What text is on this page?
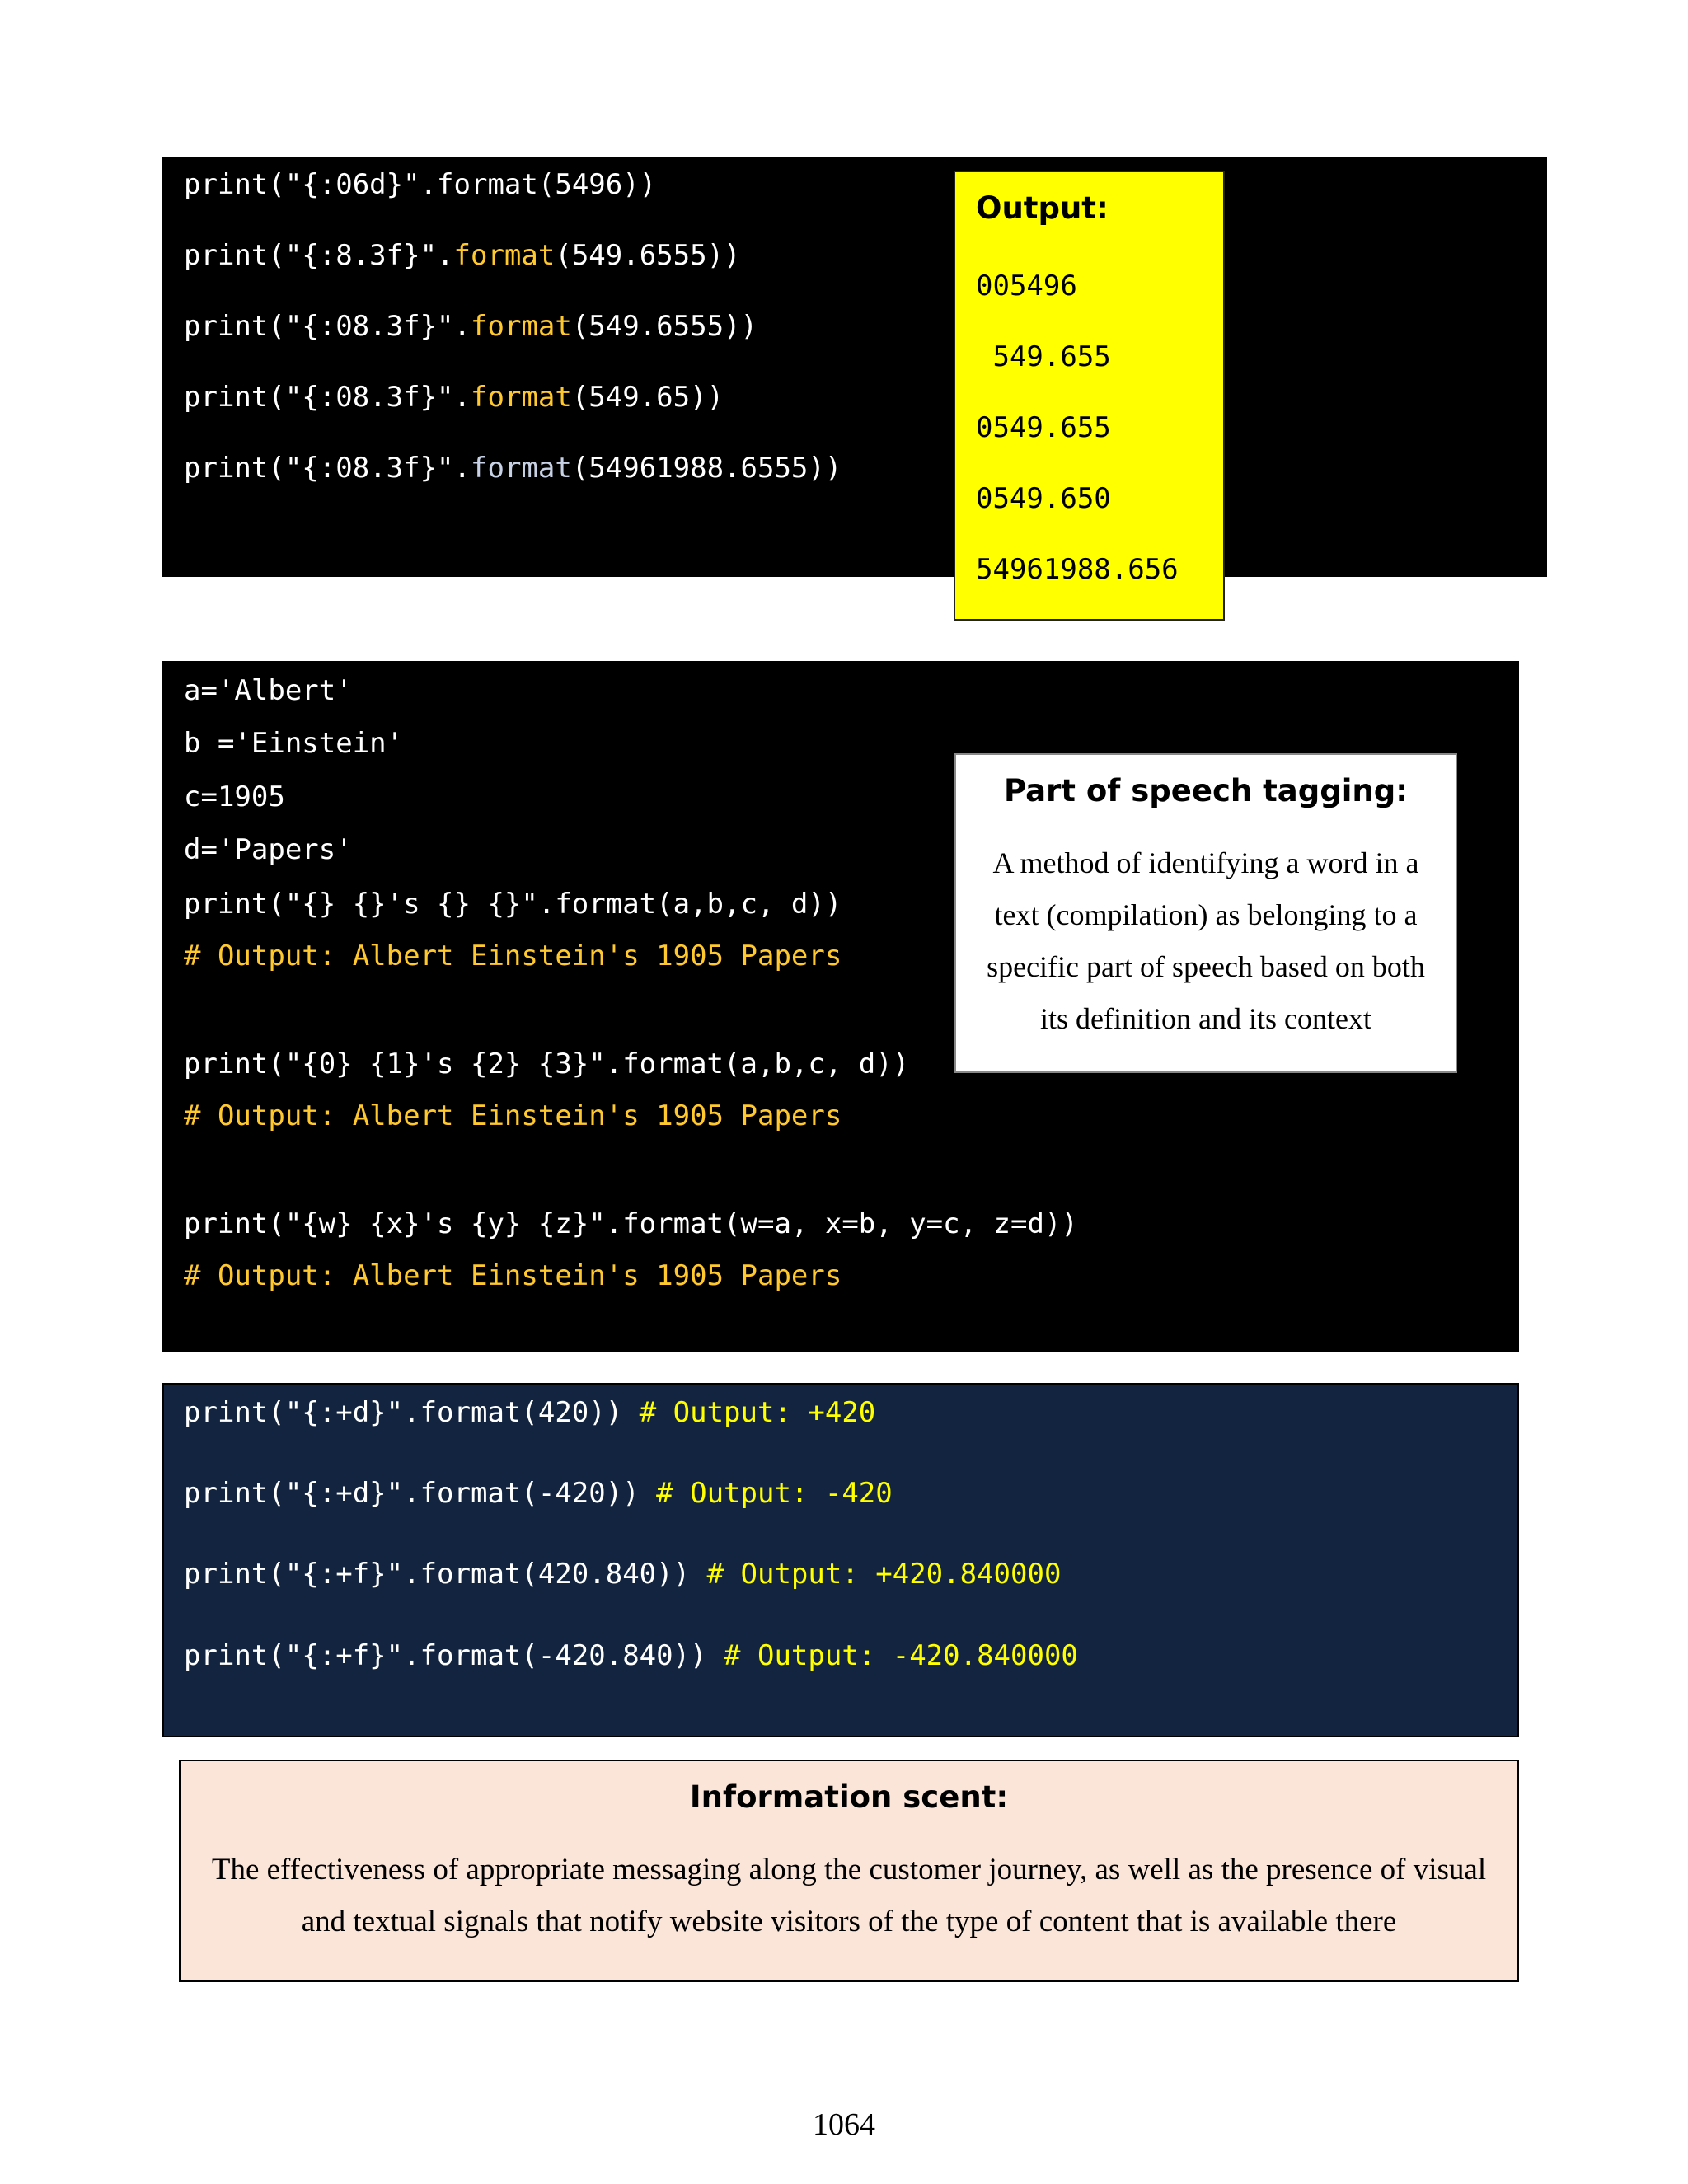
print("{:06d}".format(5496))
print("{:8.3f}".format(549.6555))
print("{:08.3f}".format(549.6555))
print("{:08.3f}".format(549.65))
print("{:08.3f}".format(54961988.6555))
Output:
005496
549.655
0549.655
0549.650
54961988.656
a='Albert'
b ='Einstein'
c=1905
d='Papers'
print("{} {}'s {} {}".format(a,b,c, d))
# Output: Albert Einstein's 1905 Papers
print("{0} {1}'s {2} {3}".format(a,b,c, d))
# Output: Albert Einstein's 1905 Papers
print("{w} {x}'s {y} {z}".format(w=a, x=b, y=c, z=d))
# Output: Albert Einstein's 1905 Papers
Part of speech tagging:
A method of identifying a word in a text (compilation) as belonging to a specific part of speech based on both its definition and its context
print("{:+d}".format(420)) # Output: +420
print("{:+d}".format(-420)) # Output: -420
print("{:+f}".format(420.840)) # Output: +420.840000
print("{:+f}".format(-420.840)) # Output: -420.840000
Information scent:
The effectiveness of appropriate messaging along the customer journey, as well as the presence of visual
and textual signals that notify website visitors of the type of content that is available there
1064
